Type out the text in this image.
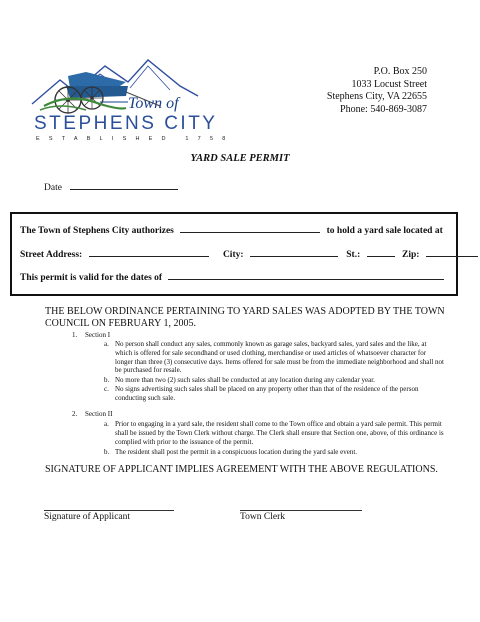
Town of
STEPHENS CITY
ESTABLISHED 1758
P.O. Box 250
1033 Locust Street
Stephens City, VA 22655
Phone: 540-869-3087
YARD SALE PERMIT
Date
The Town of Stephens City authorizes	to hold a yard sale located at
Street Address:	City:	St.:	Zip:
This permit is valid for the dates of
THE BELOW ORDINANCE PERTAINING TO YARD SALES WAS ADOPTED BY THE TOWN COUNCIL ON FEBRUARY 1, 2005.
1. Section I
a. No person shall conduct any sales, commonly known as garage sales, backyard sales, yard sales and the like, at which is offered for sale secondhand or used clothing, merchandise or used articles of whatsoever character for longer than three (3) consecutive days. Items offered for sale must be from the immediate neighborhood and shall not be purchased for resale.
b. No more than two (2) such sales shall be conducted at any location during any calendar year.
c. No signs advertising such sales shall be placed on any property other than that of the residence of the person conducting such sale.
2. Section II
a. Prior to engaging in a yard sale, the resident shall come to the Town office and obtain a yard sale permit. This permit shall be issued by the Town Clerk without charge. The Clerk shall ensure that Section one, above, of this ordinance is complied with prior to the issuance of the permit.
b. The resident shall post the permit in a conspicuous location during the yard sale event.
SIGNATURE OF APPLICANT IMPLIES AGREEMENT WITH THE ABOVE REGULATIONS.
Signature of Applicant	Town Clerk
